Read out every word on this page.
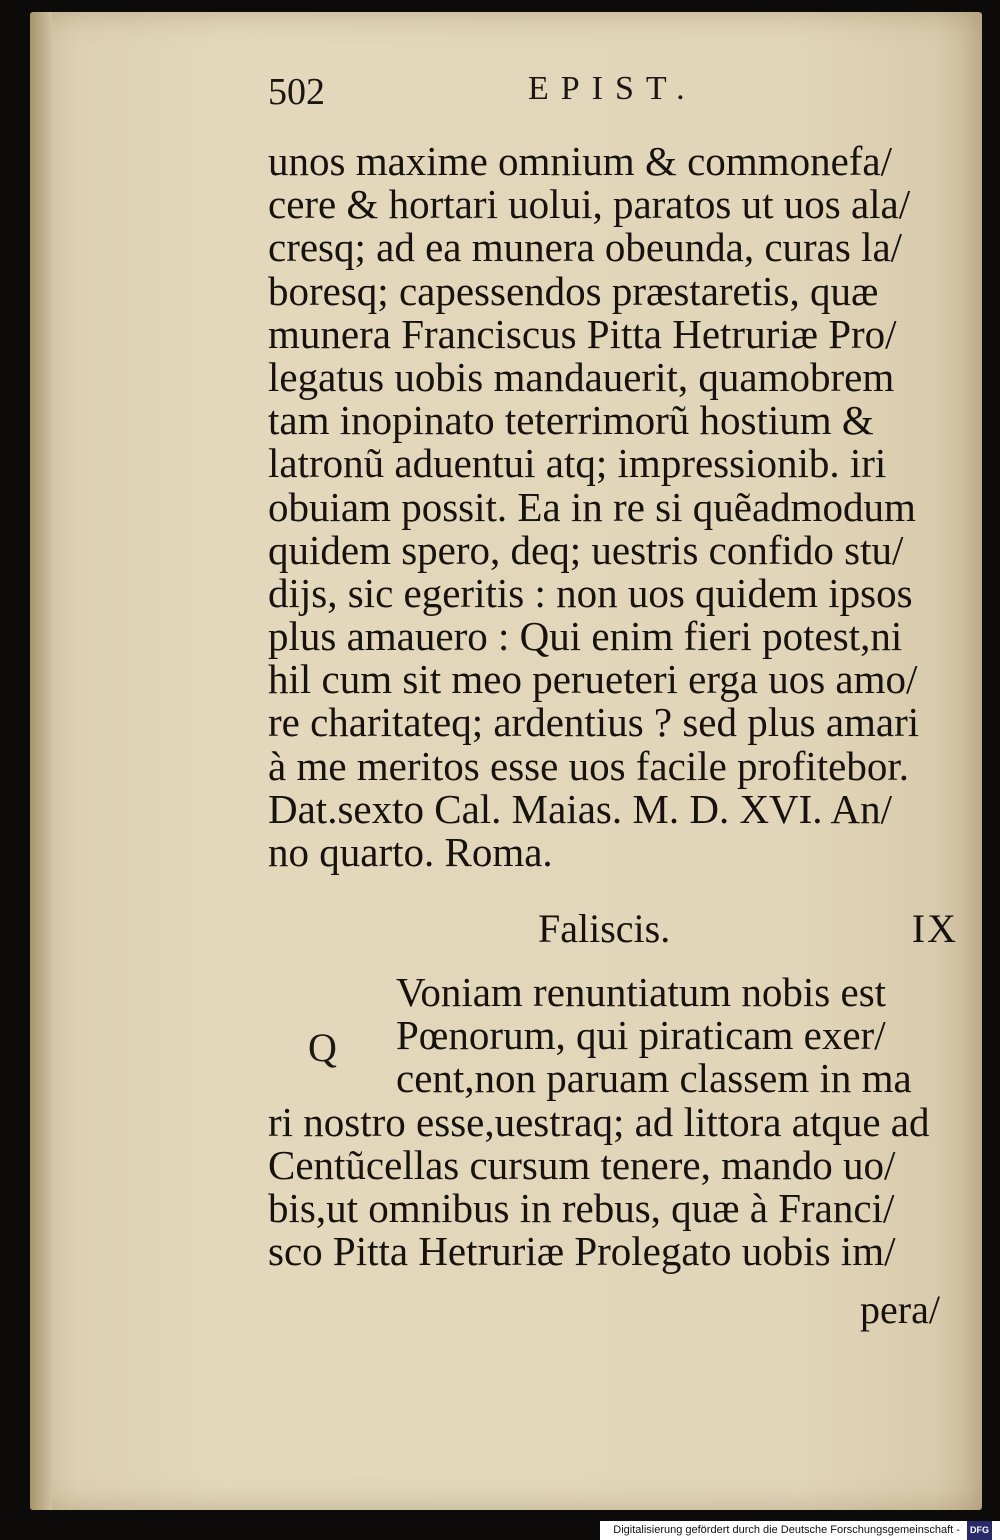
502	EPIST.
unos maxime omnium & commonefa/
cere & hortari uolui, paratos ut uos ala/
cresq; ad ea munera obeunda, curas la/
boresq; capessendos præstaretis, quæ
munera Franciscus Pitta Hetruriæ Pro/
legatus uobis mandauerit, quamobrem
tam inopinato teterrimorũ hostium &
latronũ aduentui atq; impressionib. iri
obuiam possit. Ea in re si quẽadmodum
quidem spero, deq; uestris confido stu/
dijs, sic egeritis : non uos quidem ipsos
plus amauero : Qui enim fieri potest,ni
hil cum sit meo perueteri erga uos amo/
re charitateq; ardentius ? sed plus amari
à me meritos esse uos facile profitebor.
Dat.sexto Cal. Maias. M. D. XVI. An/
no quarto. Roma.
Faliscis.	IX
Q
Voniam renuntiatum nobis est
Pœnorum, qui piraticam exer/
cent,non paruam classem in ma
ri nostro esse,uestraq; ad littora atque ad
Centũcellas cursum tenere, mando uo/
bis,ut omnibus in rebus, quæ à Franci/
sco Pitta Hetruriæ Prolegato uobis im/
pera/
Digitalisierung gefördert durch die Deutsche Forschungsgemeinschaft - DFG
